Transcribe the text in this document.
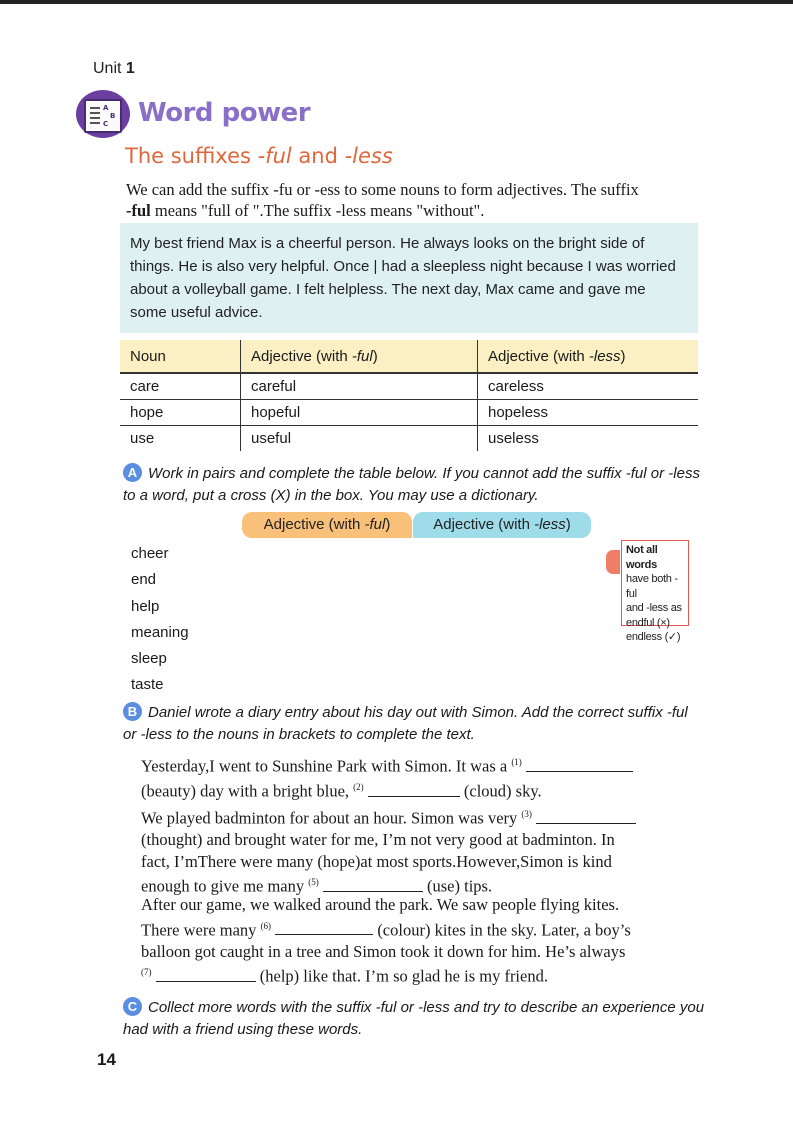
Unit 1
A
B
C Word power
The suffixes -ful and -less
We can add the suffix -fu or -ess to some nouns to form adjectives. The suffix
-ful means "full of ".The suffix -less means "without".
My best friend Max is a cheerful person. He always looks on the bright side of
things. He is also very helpful. Once | had a sleepless night because I was worried
about a volleyball game. I felt helpless. The next day, Max came and gave me
some useful advice.
Noun	Adjective (with -ful)	Adjective (with -less)
care	careful	careless
hope	hopeful	hopeless
use	useful	useless
A Work in pairs and complete the table below. If you cannot add the suffix -ful or -less
to a word, put a cross (X) in the box. You may use a dictionary.
Adjective (with -ful)	Adjective (with -less)
cheer
end
help
meaning
sleep
taste
Not all words
have both -ful
and -less as
endful (×)
endless (✓)
B Daniel wrote a diary entry about his day out with Simon. Add the correct suffix -ful
or -less to the nouns in brackets to complete the text.
Yesterday,I went to Sunshine Park with Simon. It was a $^{(1)}$
(beauty) day with a bright blue, $^{(2)}$	(cloud) sky.
We played badminton for about an hour. Simon was very $^{(3)}$
(thought) and brought water for me, I’m not very good at badminton. In
fact, I’mThere were many (hope)at most sports.However,Simon is kind
enough to give me many $^{(5)}$	(use) tips.
After our game, we walked around the park. We saw people flying kites.
There were many $^{(6)}$	(colour) kites in the sky. Later, a boy’s
balloon got caught in a tree and Simon took it down for him. He’s always
$^{(7)}$	(help) like that. I’m so glad he is my friend.
C Collect more words with the suffix -ful or -less and try to describe an experience you
had with a friend using these words.
14
